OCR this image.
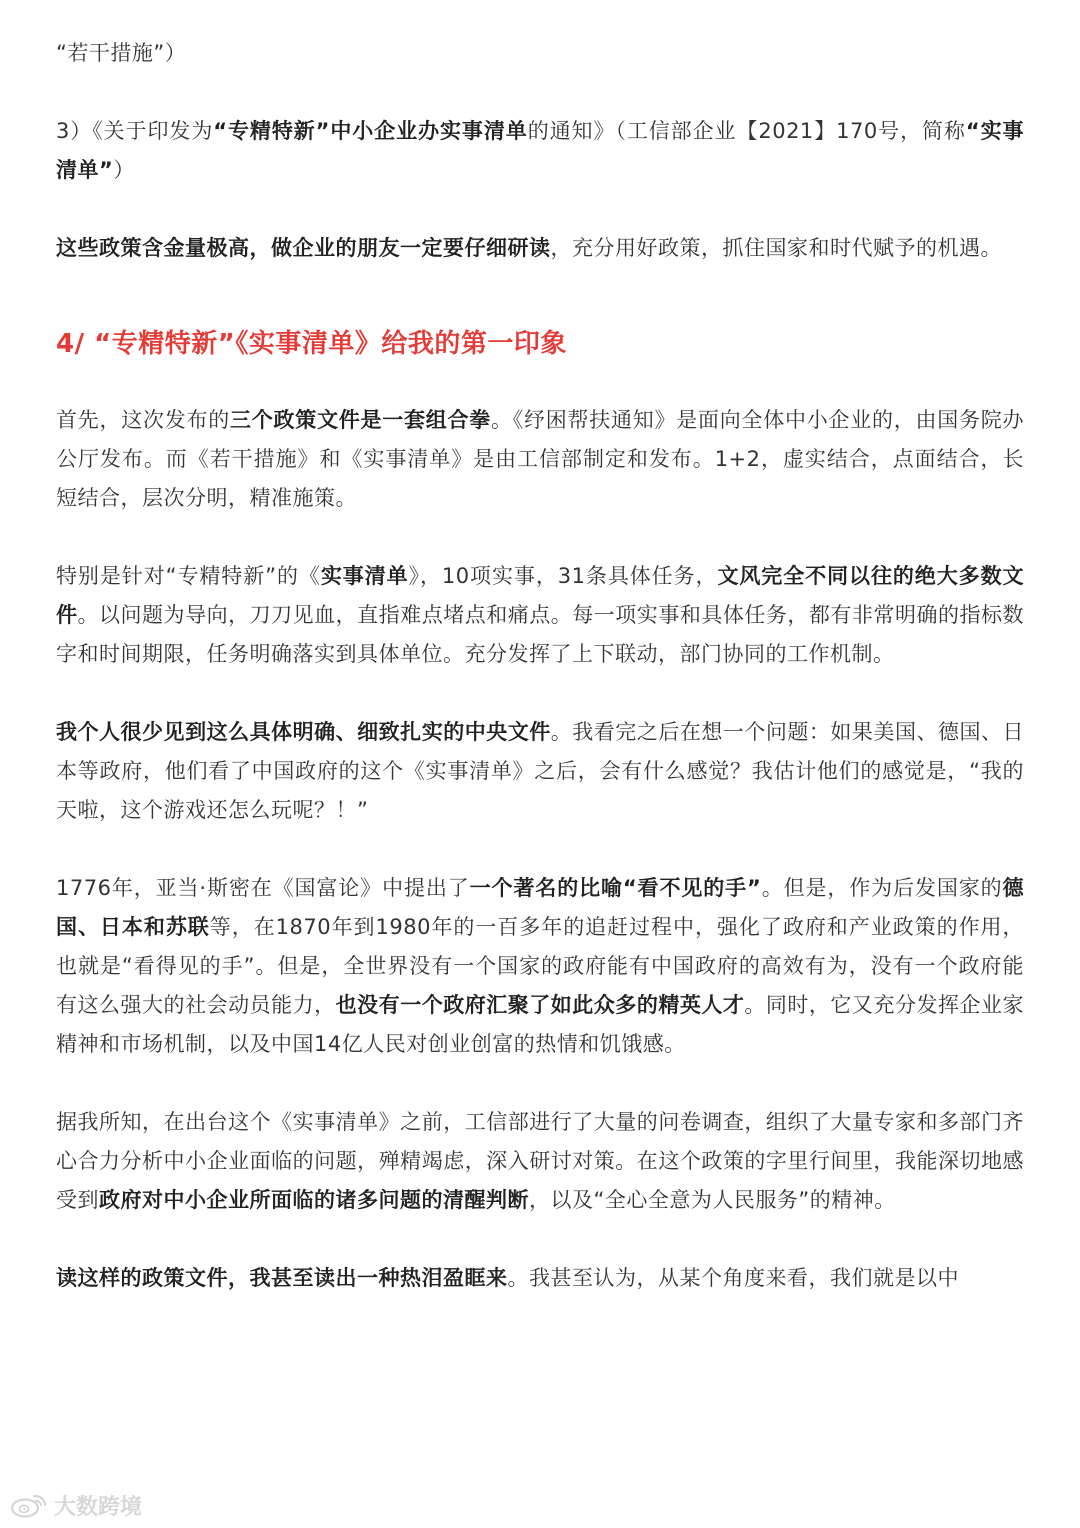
“若干措施”）

3）《关于印发为“专精特新”中小企业办实事清单的通知》（工信部企业【2021】170号，简称“实事清单”）

这些政策含金量极高，做企业的朋友一定要仔细研读，充分用好政策，抓住国家和时代赋予的机遇。

4/ “专精特新”《实事清单》给我的第一印象

首先，这次发布的三个政策文件是一套组合拳。《纾困帮扶通知》是面向全体中小企业的，由国务院办公厅发布。而《若干措施》和《实事清单》是由工信部制定和发布。1+2，虚实结合，点面结合，长短结合，层次分明，精准施策。

特别是针对“专精特新”的《实事清单》，10项实事，31条具体任务，文风完全不同以往的绝大多数文件。以问题为导向，刀刀见血，直指难点堵点和痛点。每一项实事和具体任务，都有非常明确的指标数字和时间期限，任务明确落实到具体单位。充分发挥了上下联动，部门协同的工作机制。

我个人很少见到这么具体明确、细致扎实的中央文件。我看完之后在想一个问题：如果美国、德国、日本等政府，他们看了中国政府的这个《实事清单》之后，会有什么感觉？我估计他们的感觉是，“我的天啦，这个游戏还怎么玩呢？！”

1776年，亚当·斯密在《国富论》中提出了一个著名的比喻“看不见的手”。但是，作为后发国家的德国、日本和苏联等，在1870年到1980年的一百多年的追赶过程中，强化了政府和产业政策的作用，也就是“看得见的手”。但是，全世界没有一个国家的政府能有中国政府的高效有为，没有一个政府能有这么强大的社会动员能力，也没有一个政府汇聚了如此众多的精英人才。同时，它又充分发挥企业家精神和市场机制，以及中国14亿人民对创业创富的热情和饥饿感。

据我所知，在出台这个《实事清单》之前，工信部进行了大量的问卷调查，组织了大量专家和多部门齐心合力分析中小企业面临的问题，殚精竭虑，深入研讨对策。在这个政策的字里行间里，我能深切地感受到政府对中小企业所面临的诸多问题的清醒判断，以及“全心全意为人民服务”的精神。

读这样的政策文件，我甚至读出一种热泪盈眶来。我甚至认为，从某个角度来看，我们就是以中

大数跨境
